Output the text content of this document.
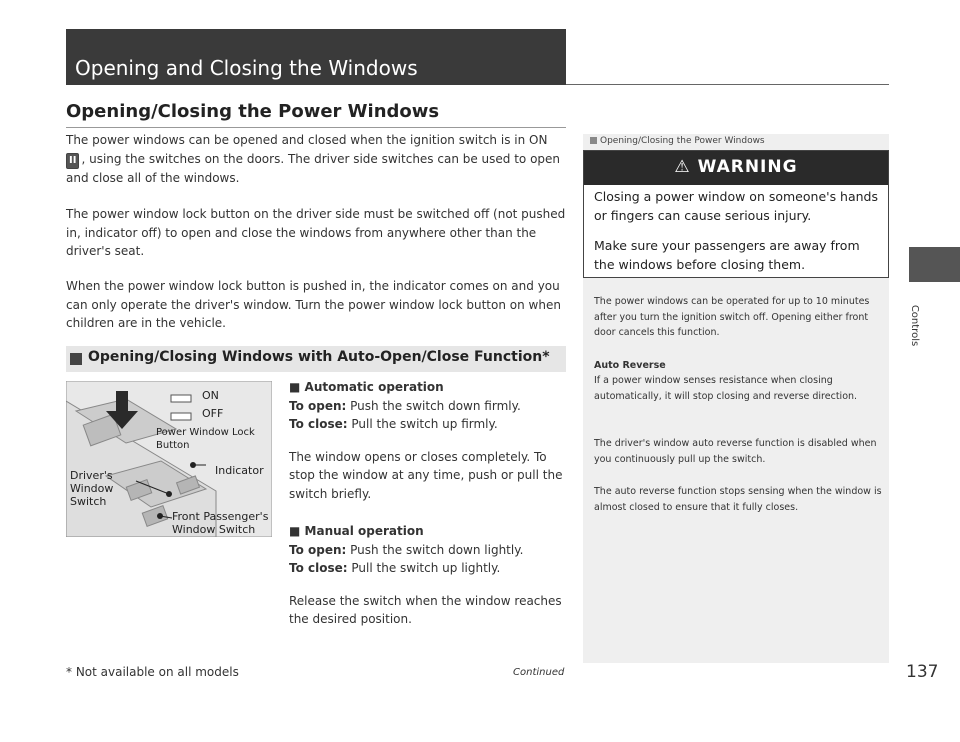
Opening and Closing the Windows
Opening/Closing the Power Windows
The power windows can be opened and closed when the ignition switch is in ON II , using the switches on the doors. The driver side switches can be used to open and close all of the windows.
The power window lock button on the driver side must be switched off (not pushed in, indicator off) to open and close the windows from anywhere other than the driver's seat.
When the power window lock button is pushed in, the indicator comes on and you can only operate the driver's window. Turn the power window lock button on when children are in the vehicle.
Opening/Closing Windows with Auto-Open/Close Function*
ON
OFF
Power Window Lock Button
Indicator
Driver's Window Switch
Front Passenger's Window Switch
■ Automatic operation
To open: Push the switch down firmly.
To close: Pull the switch up firmly.
The window opens or closes completely. To stop the window at any time, push or pull the switch briefly.
■ Manual operation
To open: Push the switch down lightly.
To close: Pull the switch up lightly.
Release the switch when the window reaches the desired position.
Opening/Closing the Power Windows
⚠ WARNING
Closing a power window on someone's hands or fingers can cause serious injury.
Make sure your passengers are away from the windows before closing them.
The power windows can be operated for up to 10 minutes after you turn the ignition switch off. Opening either front door cancels this function.
Auto Reverse
If a power window senses resistance when closing automatically, it will stop closing and reverse direction.
The driver's window auto reverse function is disabled when you continuously pull up the switch.
The auto reverse function stops sensing when the window is almost closed to ensure that it fully closes.
* Not available on all models	Continued	137
Controls
